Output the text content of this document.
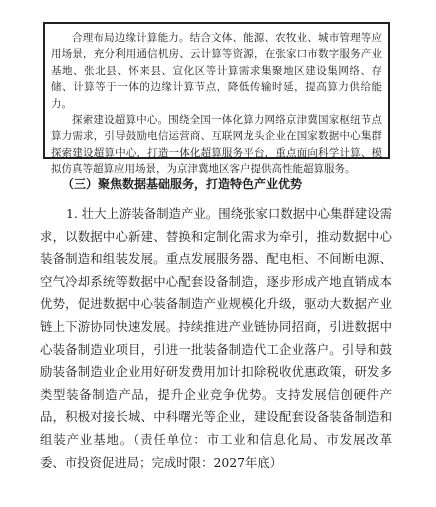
合理布局边缘计算能力。结合文体、能源、农牧业、城市管理等应用场景，充分利用通信机房、云计算等资源，在张家口市数字服务产业基地、张北县、怀来县、宣化区等计算需求集聚地区建设集网络、存储、计算等于一体的边缘计算节点，降低传输时延，提高算力供给能力。

探索建设超算中心。围绕全国一体化算力网络京津冀国家枢纽节点算力需求，引导鼓励电信运营商、互联网龙头企业在国家数据中心集群探索建设超算中心，打造一体化超算服务平台，重点面向科学计算、模拟仿真等超算应用场景，为京津冀地区客户提供高性能超算服务。

（三）聚焦数据基础服务，打造特色产业优势

1. 壮大上游装备制造产业。围绕张家口数据中心集群建设需求，以数据中心新建、替换和定制化需求为牵引，推动数据中心装备制造和组装发展。重点发展服务器、配电柜、不间断电源、空气冷却系统等数据中心配套设备制造，逐步形成产地直销成本优势，促进数据中心装备制造产业规模化升级，驱动大数据产业链上下游协同快速发展。持续推进产业链协同招商，引进数据中心装备制造业项目，引进一批装备制造代工企业落户。引导和鼓励装备制造业企业用好研发费用加计扣除税收优惠政策，研发多类型装备制造产品，提升企业竞争优势。支持发展信创硬件产品，积极对接长城、中科曙光等企业，建设配套设备装备制造和组装产业基地。（责任单位：市工业和信息化局、市发展改革委、市投资促进局；完成时限：2027年底）
